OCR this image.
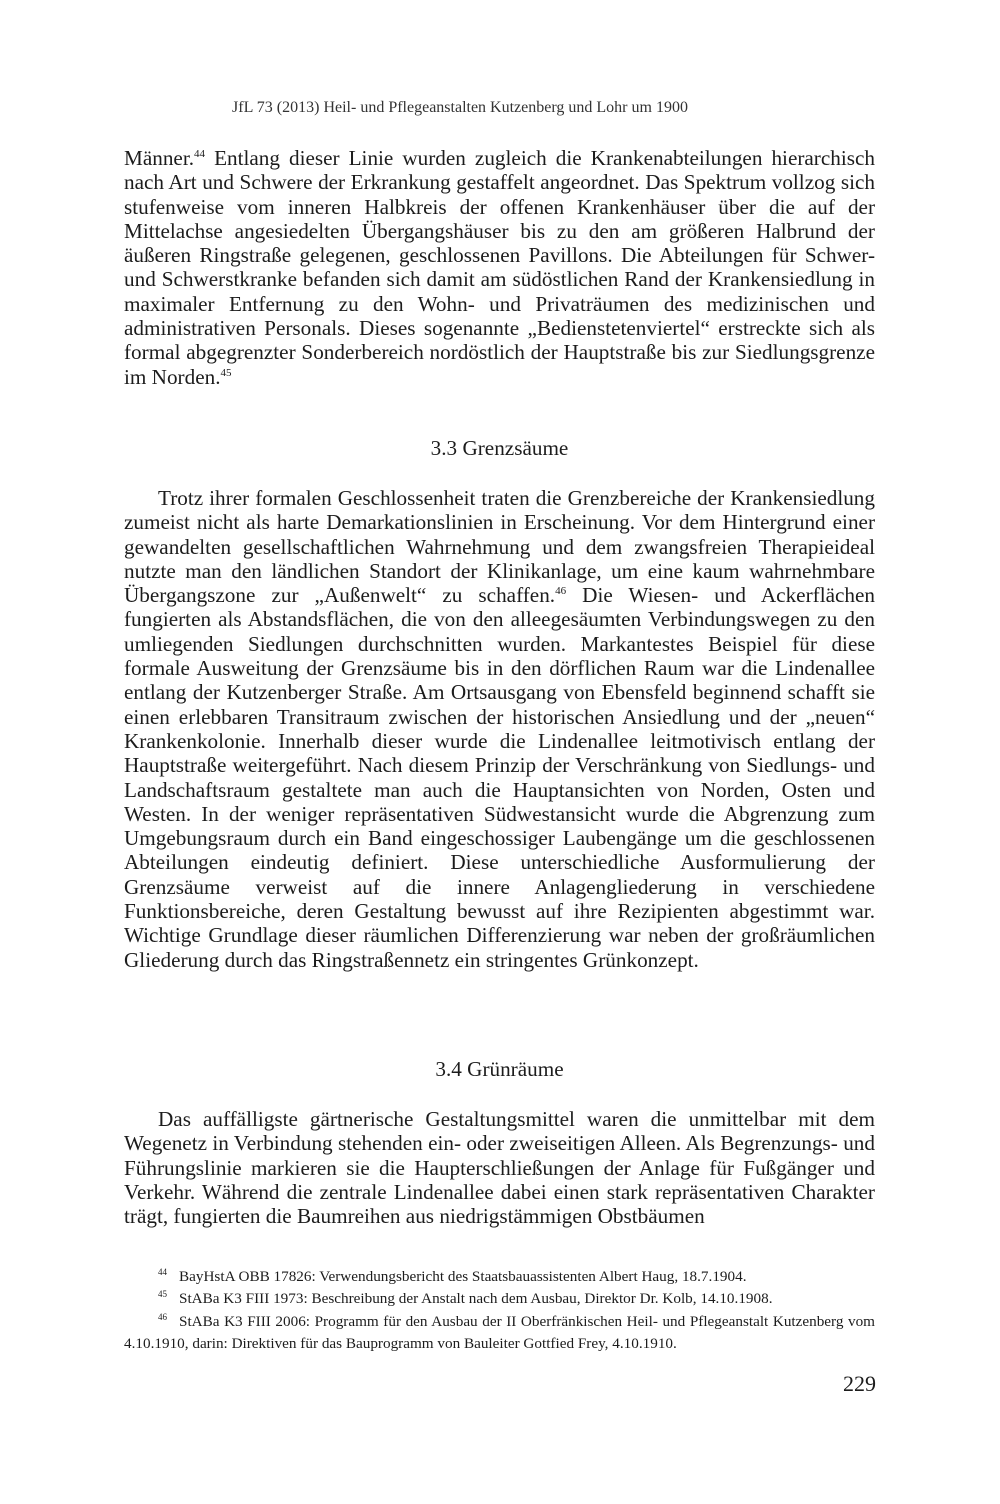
JfL 73 (2013) Heil- und Pflegeanstalten Kutzenberg und Lohr um 1900

Männer.$^{44}$ Entlang dieser Linie wurden zugleich die Krankenabteilungen hierarchisch nach Art und Schwere der Erkrankung gestaffelt angeordnet. Das Spektrum vollzog sich stufenweise vom inneren Halbkreis der offenen Krankenhäuser über die auf der Mittelachse angesiedelten Übergangshäuser bis zu den am größeren Halbrund der äußeren Ringstraße gelegenen, geschlossenen Pavillons. Die Abteilungen für Schwer- und Schwerstkranke befanden sich damit am südöstlichen Rand der Krankensiedlung in maximaler Entfernung zu den Wohn- und Privaträumen des medizinischen und administrativen Personals. Dieses sogenannte „Bedienstetenviertel“ erstreckte sich als formal abgegrenzter Sonderbereich nordöstlich der Hauptstraße bis zur Siedlungsgrenze im Norden.$^{45}$

3.3 Grenzsäume

Trotz ihrer formalen Geschlossenheit traten die Grenzbereiche der Krankensiedlung zumeist nicht als harte Demarkationslinien in Erscheinung. Vor dem Hintergrund einer gewandelten gesellschaftlichen Wahrnehmung und dem zwangsfreien Therapieideal nutzte man den ländlichen Standort der Klinikanlage, um eine kaum wahrnehmbare Übergangszone zur „Außenwelt“ zu schaffen.$^{46}$ Die Wiesen- und Ackerflächen fungierten als Abstandsflächen, die von den alleegesäumten Verbindungswegen zu den umliegenden Siedlungen durchschnitten wurden. Markantestes Beispiel für diese formale Ausweitung der Grenzsäume bis in den dörflichen Raum war die Lindenallee entlang der Kutzenberger Straße. Am Ortsausgang von Ebensfeld beginnend schafft sie einen erlebbaren Transitraum zwischen der historischen Ansiedlung und der „neuen“ Krankenkolonie. Innerhalb dieser wurde die Lindenallee leitmotivisch entlang der Hauptstraße weitergeführt. Nach diesem Prinzip der Verschränkung von Siedlungs- und Landschaftsraum gestaltete man auch die Hauptansichten von Norden, Osten und Westen. In der weniger repräsentativen Südwestansicht wurde die Abgrenzung zum Umgebungsraum durch ein Band eingeschossiger Laubengänge um die geschlossenen Abteilungen eindeutig definiert. Diese unterschiedliche Ausformulierung der Grenzsäume verweist auf die innere Anlagengliederung in verschiedene Funktionsbereiche, deren Gestaltung bewusst auf ihre Rezipienten abgestimmt war. Wichtige Grundlage dieser räumlichen Differenzierung war neben der großräumlichen Gliederung durch das Ringstraßennetz ein stringentes Grünkonzept.

3.4 Grünräume

Das auffälligste gärtnerische Gestaltungsmittel waren die unmittelbar mit dem Wegenetz in Verbindung stehenden ein- oder zweiseitigen Alleen. Als Begrenzungs- und Führungslinie markieren sie die Haupterschließungen der Anlage für Fußgänger und Verkehr. Während die zentrale Lindenallee dabei einen stark repräsentativen Charakter trägt, fungierten die Baumreihen aus niedrigstämmigen Obstbäumen

$^{44}$ BayHstA OBB 17826: Verwendungsbericht des Staatsbauassistenten Albert Haug, 18.7.1904.

$^{45}$ StABa K3 FIII 1973: Beschreibung der Anstalt nach dem Ausbau, Direktor Dr. Kolb, 14.10.1908.

$^{46}$ StABa K3 FIII 2006: Programm für den Ausbau der II Oberfränkischen Heil- und Pflegeanstalt Kutzenberg vom 4.10.1910, darin: Direktiven für das Bauprogramm von Bauleiter Gottfied Frey, 4.10.1910.

229
